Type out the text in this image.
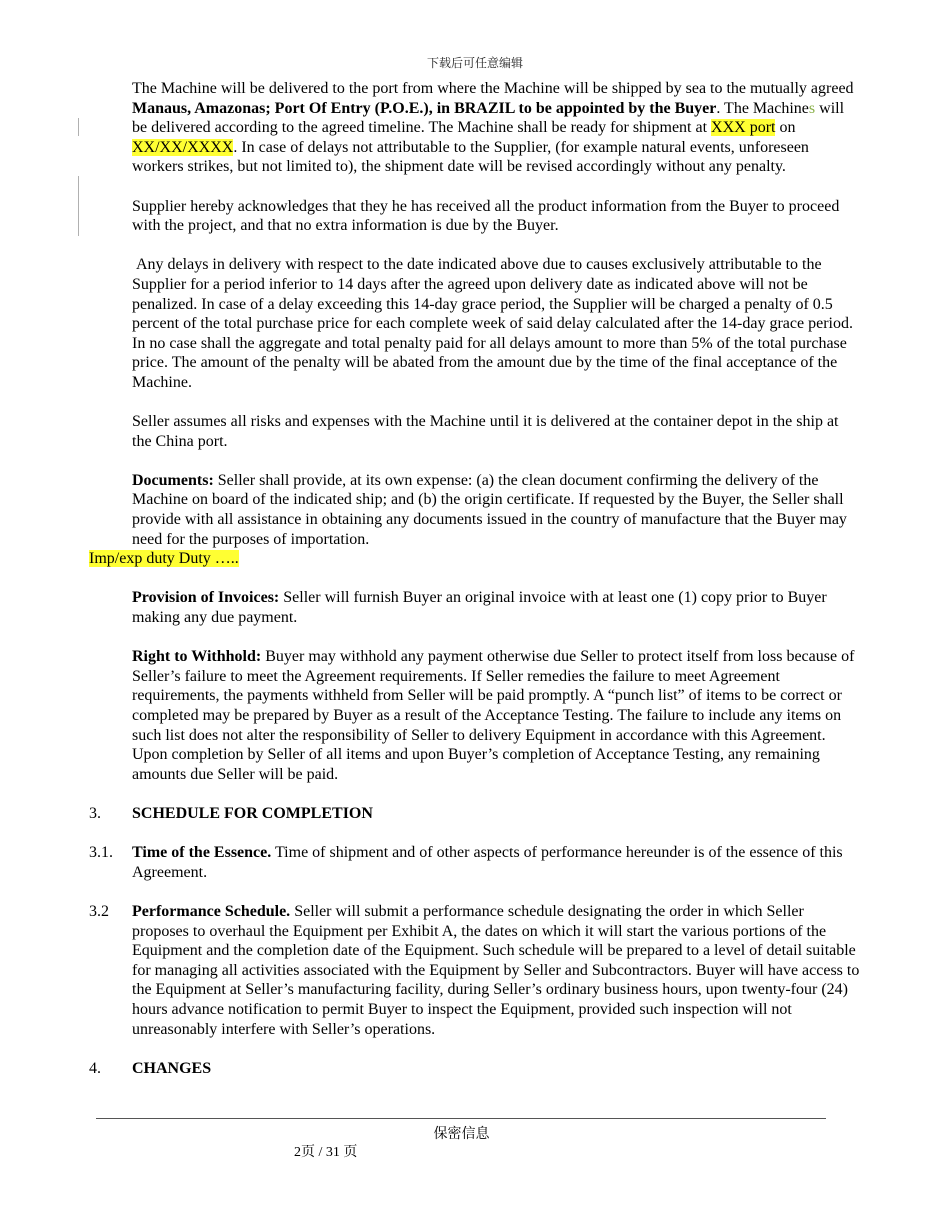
下载后可任意编辑

The Machine will be delivered to the port from where the Machine will be shipped by sea to the mutually agreed Manaus, Amazonas; Port Of Entry (P.O.E.), in BRAZIL to be appointed by the Buyer. The Machines will be delivered according to the agreed timeline. The Machine shall be ready for shipment at XXX port on XX/XX/XXXX. In case of delays not attributable to the Supplier, (for example natural events, unforeseen workers strikes, but not limited to), the shipment date will be revised accordingly without any penalty.

Supplier hereby acknowledges that they he has received all the product information from the Buyer to proceed with the project, and that no extra information is due by the Buyer.

Any delays in delivery with respect to the date indicated above due to causes exclusively attributable to the Supplier for a period inferior to 14 days after the agreed upon delivery date as indicated above will not be penalized. In case of a delay exceeding this 14-day grace period, the Supplier will be charged a penalty of 0.5 percent of the total purchase price for each complete week of said delay calculated after the 14-day grace period. In no case shall the aggregate and total penalty paid for all delays amount to more than 5% of the total purchase price. The amount of the penalty will be abated from the amount due by the time of the final acceptance of the Machine.

Seller assumes all risks and expenses with the Machine until it is delivered at the container depot in the ship at the China port.

Documents: Seller shall provide, at its own expense: (a) the clean document confirming the delivery of the Machine on board of the indicated ship; and (b) the origin certificate. If requested by the Buyer, the Seller shall provide with all assistance in obtaining any documents issued in the country of manufacture that the Buyer may need for the purposes of importation.

Imp/exp duty Duty …..

Provision of Invoices: Seller will furnish Buyer an original invoice with at least one (1) copy prior to Buyer making any due payment.

Right to Withhold: Buyer may withhold any payment otherwise due Seller to protect itself from loss because of Seller’s failure to meet the Agreement requirements. If Seller remedies the failure to meet Agreement requirements, the payments withheld from Seller will be paid promptly. A “punch list” of items to be correct or completed may be prepared by Buyer as a result of the Acceptance Testing. The failure to include any items on such list does not alter the responsibility of Seller to delivery Equipment in accordance with this Agreement. Upon completion by Seller of all items and upon Buyer’s completion of Acceptance Testing, any remaining amounts due Seller will be paid.

3. SCHEDULE FOR COMPLETION
3.1. Time of the Essence. Time of shipment and of other aspects of performance hereunder is of the essence of this Agreement.
3.2 Performance Schedule. Seller will submit a performance schedule designating the order in which Seller proposes to overhaul the Equipment per Exhibit A, the dates on which it will start the various portions of the Equipment and the completion date of the Equipment. Such schedule will be prepared to a level of detail suitable for managing all activities associated with the Equipment by Seller and Subcontractors. Buyer will have access to the Equipment at Seller’s manufacturing facility, during Seller’s ordinary business hours, upon twenty-four (24) hours advance notification to permit Buyer to inspect the Equipment, provided such inspection will not unreasonably interfere with Seller’s operations.
4. CHANGES
保密信息
2页 / 31 页
